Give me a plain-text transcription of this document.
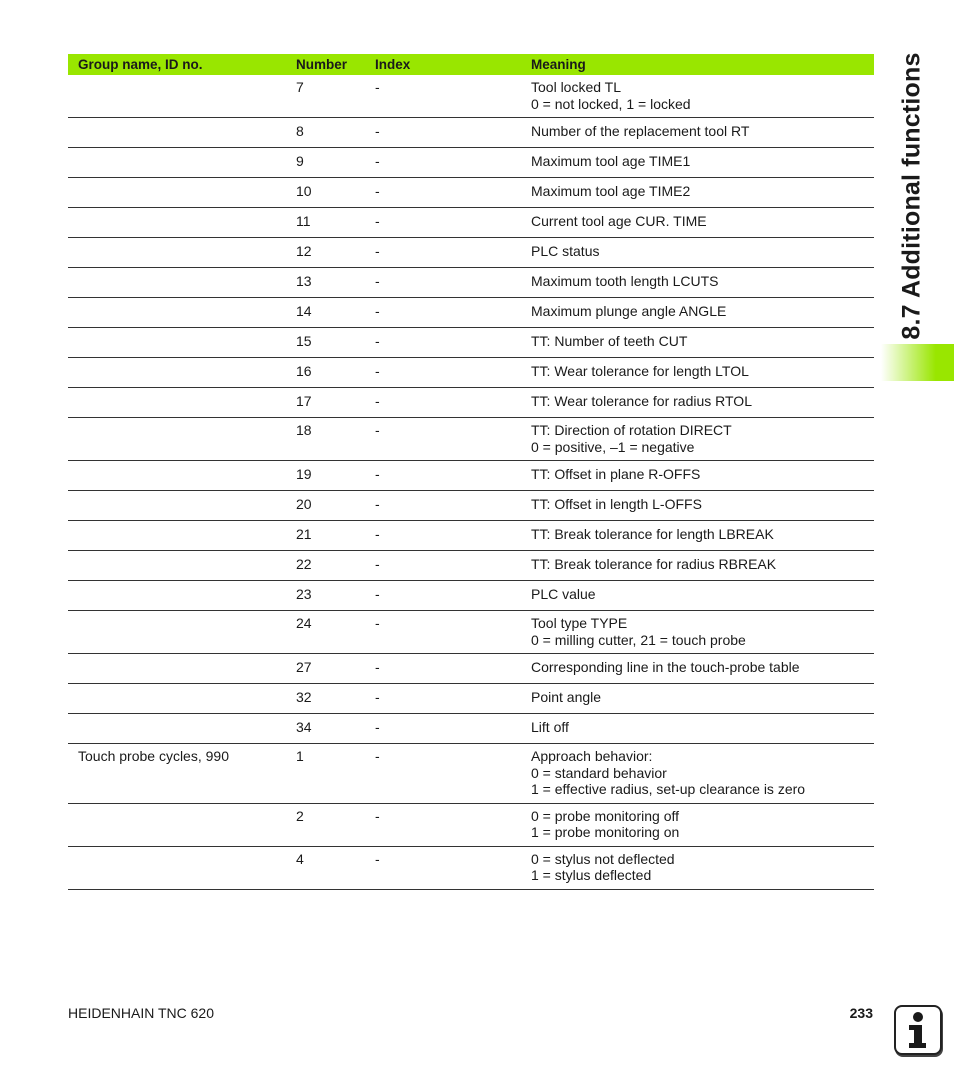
Group name, ID no.	Number	Index	Meaning

	7	-	Tool locked TL
0 = not locked, 1 = locked

	8	-	Number of the replacement tool RT

	9	-	Maximum tool age TIME1

	10	-	Maximum tool age TIME2

	11	-	Current tool age CUR. TIME

	12	-	PLC status

	13	-	Maximum tooth length LCUTS

	14	-	Maximum plunge angle ANGLE

	15	-	TT: Number of teeth CUT

	16	-	TT: Wear tolerance for length LTOL

	17	-	TT: Wear tolerance for radius RTOL

	18	-	TT: Direction of rotation DIRECT
0 = positive, –1 = negative

	19	-	TT: Offset in plane R-OFFS

	20	-	TT: Offset in length L-OFFS

	21	-	TT: Break tolerance for length LBREAK

	22	-	TT: Break tolerance for radius RBREAK

	23	-	PLC value

	24	-	Tool type TYPE
0 = milling cutter, 21 = touch probe

	27	-	Corresponding line in the touch-probe table

	32	-	Point angle

	34	-	Lift off

Touch probe cycles, 990	1	-	Approach behavior:
0 = standard behavior
1 = effective radius, set-up clearance is zero

	2	-	0 = probe monitoring off
1 = probe monitoring on

	4	-	0 = stylus not deflected
1 = stylus deflected
8.7 Additional functions
HEIDENHAIN TNC 620	233
